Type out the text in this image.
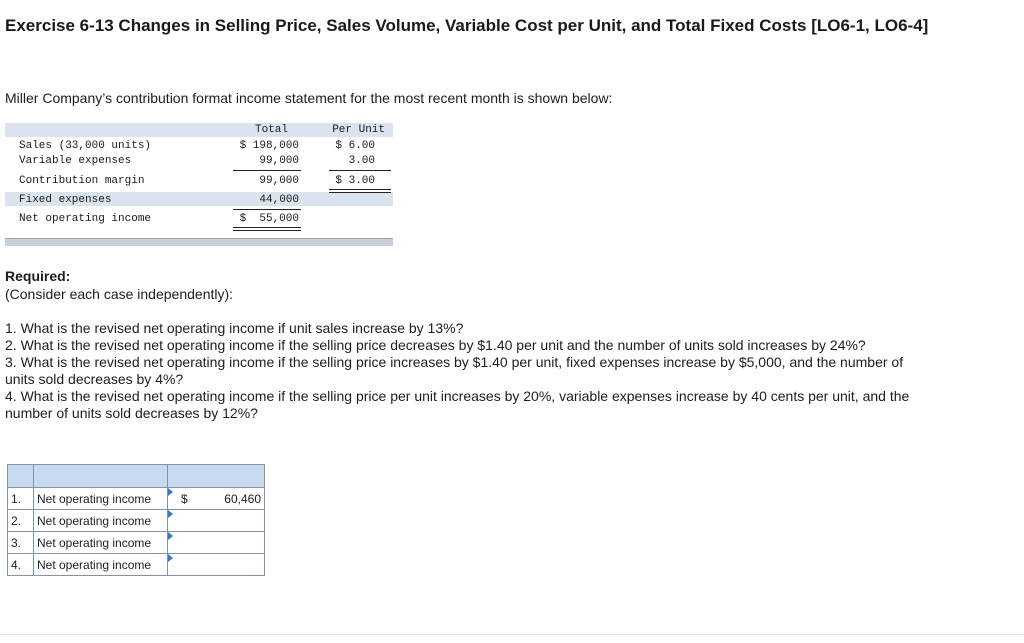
Exercise 6-13 Changes in Selling Price, Sales Volume, Variable Cost per Unit, and Total Fixed Costs [LO6-1, LO6-4]

Miller Company’s contribution format income statement for the most recent month is shown below:

Total	Per Unit
Sales (33,000 units)	$ 198,000	$ 6.00
Variable expenses	99,000	3.00
Contribution margin	99,000	$ 3.00
Fixed expenses	44,000
Net operating income	$  55,000

Required:

(Consider each case independently):

1. What is the revised net operating income if unit sales increase by 13%?

2. What is the revised net operating income if the selling price decreases by $1.40 per unit and the number of units sold increases by 24%?

3. What is the revised net operating income if the selling price increases by $1.40 per unit, fixed expenses increase by $5,000, and the number of units sold decreases by 4%?

4. What is the revised net operating income if the selling price per unit increases by 20%, variable expenses increase by 40 cents per unit, and the number of units sold decreases by 12%?

1.	Net operating income	$ 60,460

2.	Net operating income	

3.	Net operating income	

4.	Net operating income	
